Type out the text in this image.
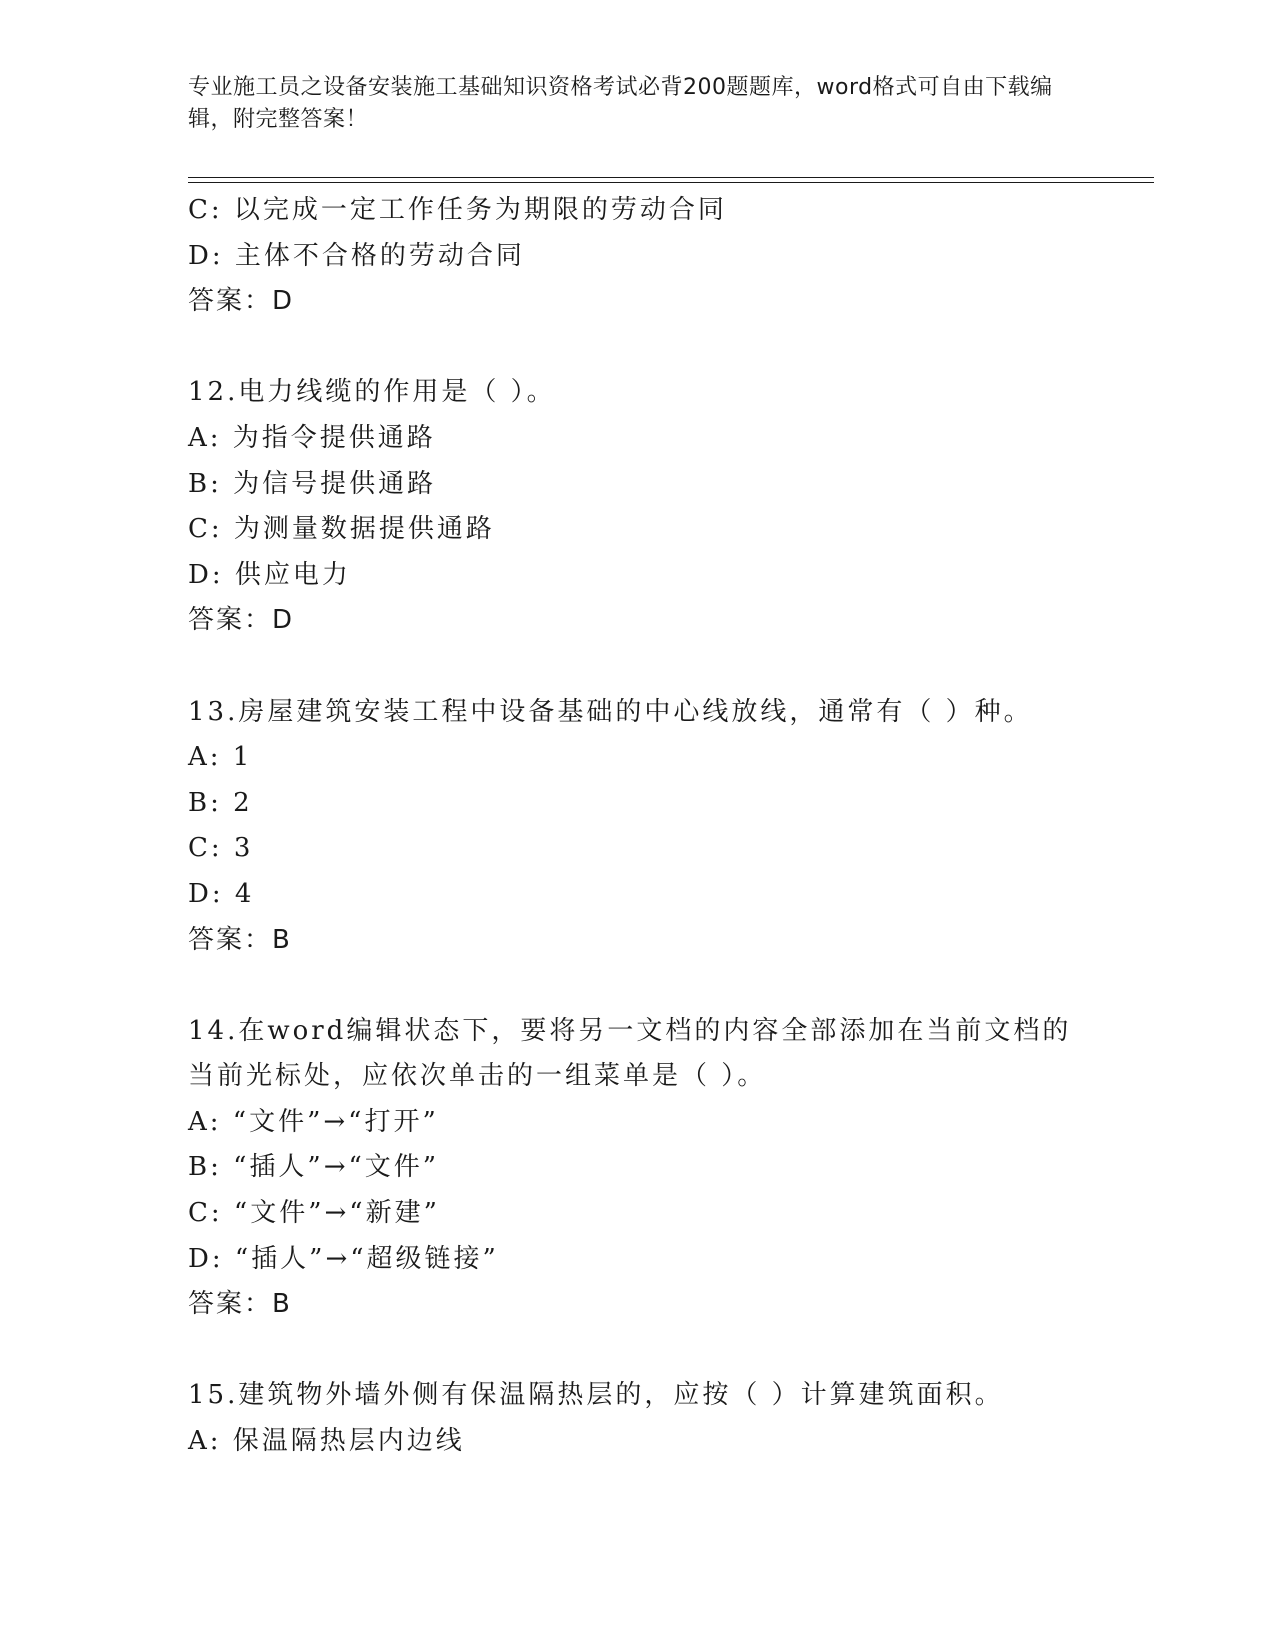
专业施工员之设备安装施工基础知识资格考试必背200题题库，word格式可自由下载编辑，附完整答案！
C: 以完成一定工作任务为期限的劳动合同
D: 主体不合格的劳动合同
答案：D
12.电力线缆的作用是（ ）。
A: 为指令提供通路
B: 为信号提供通路
C: 为测量数据提供通路
D: 供应电力
答案：D
13.房屋建筑安装工程中设备基础的中心线放线，通常有（ ）种。
A: 1
B: 2
C: 3
D: 4
答案：B
14.在word编辑状态下，要将另一文档的内容全部添加在当前文档的
当前光标处，应依次单击的一组菜单是（ ）。
A: “文件”→“打开”
B: “插人”→“文件”
C: “文件”→“新建”
D: “插人”→“超级链接”
答案：B
15.建筑物外墙外侧有保温隔热层的，应按（ ）计算建筑面积。
A: 保温隔热层内边线
